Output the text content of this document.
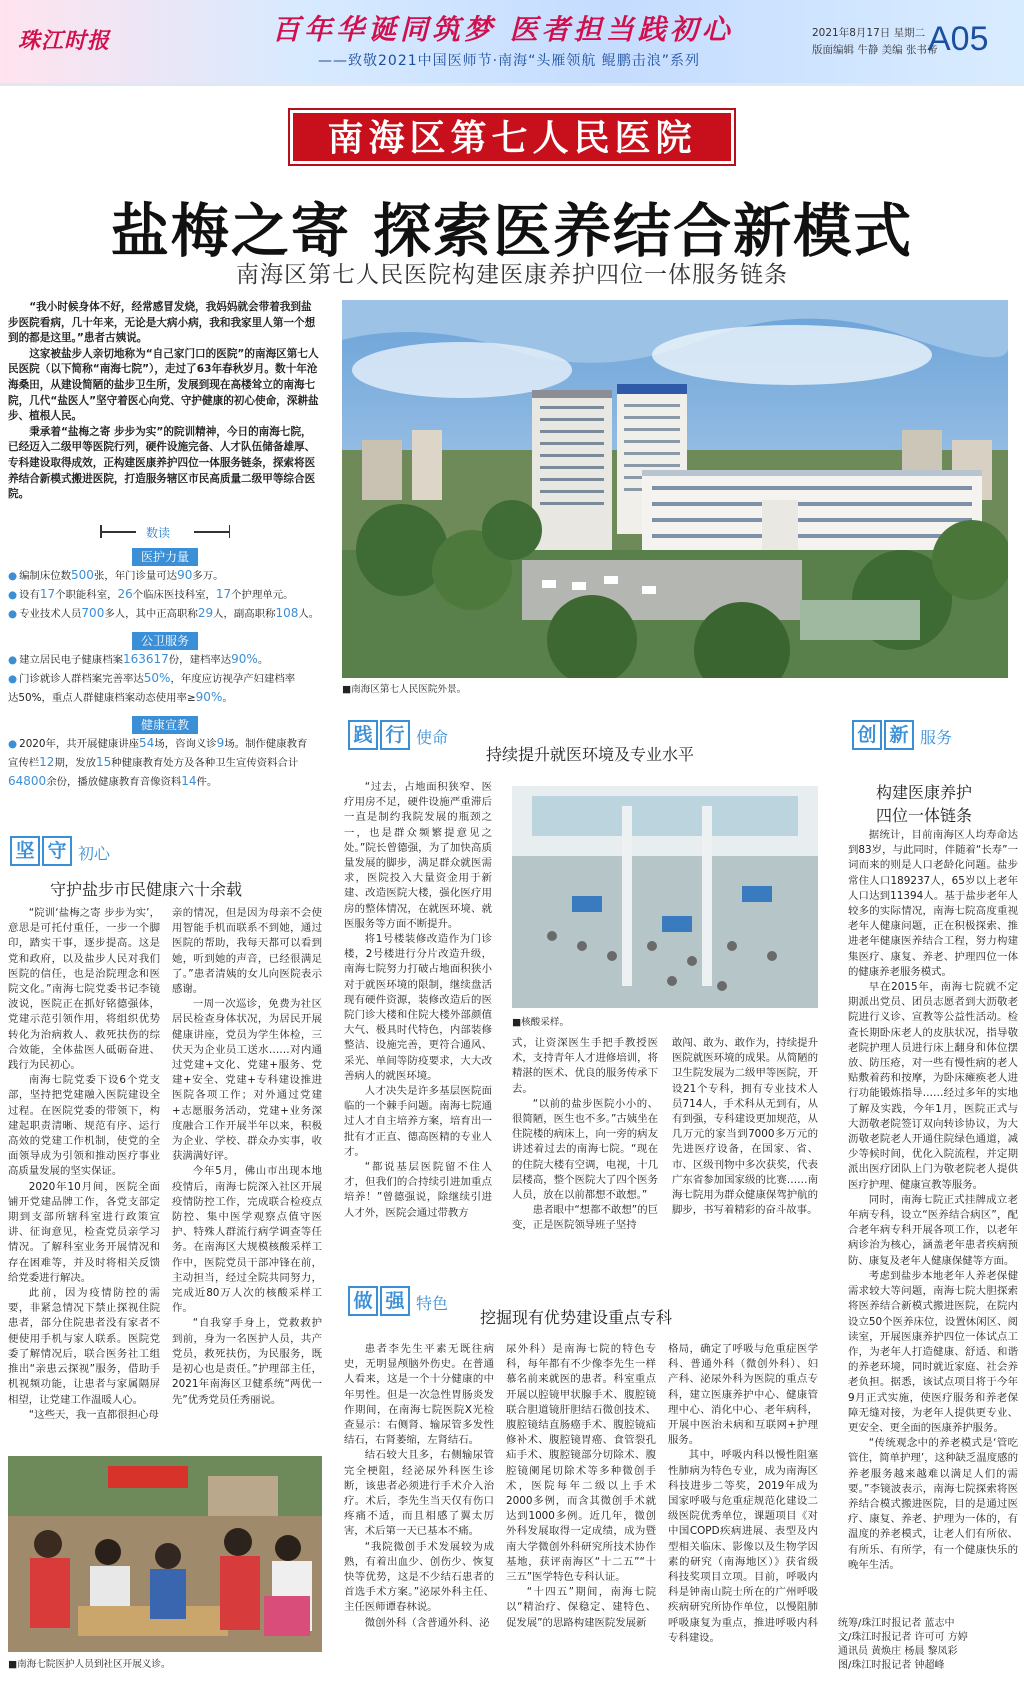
珠江时报	百年华诞同筑梦 医者担当践初心
——致敬2021中国医师节·南海“头雁领航 鲲鹏击浪”系列
2021年8月17日 星期二
版面编辑 牛静 美编 张书帝
A05
南海区第七人民医院
盐梅之寄 探索医养结合新模式
南海区第七人民医院构建医康养护四位一体服务链条

“我小时候身体不好，经常感冒发烧，我妈妈就会带着我到盐步医院看病，几十年来，无论是大病小病，我和我家里人第一个想到的都是这里。”患者古姨说。

这家被盐步人亲切地称为“自己家门口的医院”的南海区第七人民医院（以下简称“南海七院”），走过了63年春秋岁月。数十年沧海桑田，从建设简陋的盐步卫生所，发展到现在高楼耸立的南海七院，几代“盐医人”坚守着医心向党、守护健康的初心使命，深耕盐步、植根人民。

秉承着“盐梅之寄 步步为实”的院训精神，今日的南海七院，已经迈入二级甲等医院行列，硬件设施完备、人才队伍储备雄厚、专科建设取得成效，正构建医康养护四位一体服务链条，探索将医养结合新模式搬进医院，打造服务辖区市民高质量二级甲等综合医院。

数读
医护力量
● 编制床位数500张，年门诊量可达90多万。
● 设有17个职能科室，26个临床医技科室，17个护理单元。
● 专业技术人员700多人，其中正高职称29人，副高职称108人。
公卫服务
● 建立居民电子健康档案163617份，建档率达90%。
● 门诊就诊人群档案完善率达50%，年度应访视孕产妇建档率
达50%，重点人群健康档案动态使用率≥90%。
健康宣教
● 2020年，共开展健康讲座54场，咨询义诊9场。制作健康教育
宣传栏12期，发放15种健康教育处方及各种卫生宣传资料合计
64800余份，播放健康教育音像资料14件。
■南海区第七人民医院外景。
坚 守 初心
守护盐步市民健康六十余载

“院训‘盐梅之寄 步步为实’，意思是可托付重任，一步一个脚印，踏实干事，逐步提高。这是党和政府，以及盐步人民对我们医院的信任，也是治院理念和医院文化。”南海七院党委书记李镜波说，医院正在抓好铭德强体，党建示范引领作用，将组织优势转化为治病救人、救死扶伤的综合效能，全体盐医人砥砺奋进、践行为民初心。

南海七院党委下设6个党支部，坚持把党建融入医院建设全过程。在医院党委的带领下，构建起职责清晰、规范有序、运行高效的党建工作机制，使党的全面领导成为引领和推动医疗事业高质量发展的坚实保证。

2020年10月间，医院全面铺开党建品牌工作，各党支部定期到支部所辖科室进行政策宣讲、征询意见，检查党员亲学习情况。了解科室业务开展情况和存在困难等，并及时将相关反馈给党委进行解决。

此前，因为疫情防控的需要，非紧急情况下禁止探视住院患者，部分住院患者没有家者不便使用手机与家人联系。医院党委了解情况后，联合医务社工组推出“亲患云探视”服务，借助手机视频功能，让患者与家属隔屏相望，让党建工作温暖人心。

“这些天，我一直都很担心母

亲的情况，但是因为母亲不会使用智能手机而联系不到她，通过医院的帮助，我每天都可以看到她，听到她的声音，已经很满足了。”患者清姨的女儿向医院表示感谢。

一周一次巡诊，免费为社区居民检查身体状况，为居民开展健康讲座，党员为学生体检，三伏天为企业员工送水……对内通过党建+文化、党建+服务、党建+安全、党建+专科建设推进医院各项工作；对外通过党建+志愿服务活动，党建+业务深度融合工作开展半年以来，积极为企业、学校、群众办实事，收获满满好评。

今年5月，佛山市出现本地疫情后，南海七院深入社区开展疫情防控工作，完成联合检疫点防控、集中医学观察点值守医护、特殊人群流行病学调查等任务。在南海区大规模核酸采样工作中，医院党员干部冲锋在前，主动担当，经过全院共同努力，完成近80万人次的核酸采样工作。

“自我穿手身上，党救救护到前，身为一名医护人员，共产党员，救死扶伤，为民服务，既是初心也是责任。”护理部主任，2021年南海区卫健系统“两优一先”优秀党员任秀丽说。

■南海七院医护人员到社区开展义诊。
践 行 使命
持续提升就医环境及专业水平

“过去，占地面积狭窄、医疗用房不足，硬件设施严重滞后一直是制约我院发展的瓶颈之一，也是群众频繁提意见之处。”院长曾德强，为了加快高质量发展的脚步，满足群众就医需求，医院投入大量资金用于新建、改造医院大楼，强化医疗用房的整体情况，在就医环境、就医服务等方面不断提升。

将1号楼装修改造作为门诊楼，2号楼进行分片改造升级，南海七院努力打破占地面积狭小对于就医环境的限制，继续盘活现有硬件资源，装修改造后的医院门诊大楼和住院大楼外部颜值大气、极具时代特色，内部装修整洁、设施完善，更符合通风、采光、单间等防疫要求，大大改善病人的就医环境。

人才决失是许多基层医院面临的一个棘手问题。南海七院通过人才自主培养方案，培育出一批有才正直、德高医精的专业人才。

“都说基层医院留不住人才，但我们的合持续引进加重点培养！”曾德强说，除继续引进人才外，医院会通过带教方

■核酸采样。

式，让资深医生手把手教授医术，支持青年人才进修培训，将精湛的医术、优良的服务传承下去。

“以前的盐步医院小小的、很简陋，医生也不多。”古姨坐在住院楼的病床上，向一旁的病友讲述着过去的南海七院。“现在的住院大楼有空调，电视，十几层楼高，整个医院大了四个医务人员，放在以前都想不敢想。”

患者眼中“想都不敢想”的巨变，正是医院领导班子坚持

敢闯、敢为、敢作为，持续提升医院就医环境的成果。从简陋的卫生院发展为二级甲等医院，开设21个专科，拥有专业技术人员714人，手术科从无到有，从有到强，专科建设更加规范，从几万元的家当到7000多万元的先进医疗设备，在国家、省、市、区级刊物中多次获奖，代表广东省参加国家级的比赛……南海七院用为群众健康保驾护航的脚步，书写着精彩的奋斗故事。

创 新 服务
构建医康养护
四位一体链条

据统计，目前南海区人均寿命达到83岁，与此同时，伴随着“长寿”一词而来的则是人口老龄化问题。盐步常住人口189237人，65岁以上老年人口达到11394人。基于盐步老年人较多的实际情况，南海七院高度重视老年人健康问题，正在积极探索、推进老年健康医养结合工程，努力构建集医疗、康复、养老、护理四位一体的健康养老服务模式。

早在2015年，南海七院就不定期派出党员、团员志愿者到大沥敬老院进行义诊、宣教等公益性活动。检查长期卧床老人的皮肤状况，指导敬老院护理人员进行床上翻身和体位摆放、防压疮，对一些有慢性病的老人贴敷着药和按摩，为卧床瘫痪老人进行功能锻炼指导……经过多年的实地了解及实践，今年1月，医院正式与大沥敬老院签订双向转诊协议，为大沥敬老院老人开通住院绿色通道，减少等候时间，优化入院流程，并定期派出医疗团队上门为敬老院老人提供医疗护理、健康宣教等服务。

同时，南海七院正式挂牌成立老年病专科，设立“医养结合病区”，配合老年病专科开展各项工作，以老年病诊治为核心，涵盖老年患者疾病预防、康复及老年人健康保健等方面。

考虑到盐步本地老年人养老保健需求较大等问题，南海七院大胆探索将医养结合新模式搬进医院，在院内设立50个医养床位，设置休闲区、阅读室，开展医康养护四位一体试点工作，为老年人打造健康、舒适、和谐的养老环境，同时就近家庭、社会养老负担。据悉，该试点项目将于今年9月正式实施，使医疗服务和养老保障无缝对接，为老年人提供更专业、更安全、更全面的医康养护服务。

“传统观念中的养老模式是‘管吃管住，简单护理’，这种缺乏温度感的养老服务越来越难以满足人们的需要。”李镜波表示，南海七院探索将医养结合模式搬进医院，目的是通过医疗、康复、养老、护理为一体的，有温度的养老模式，让老人们有所依、有所乐、有所学，有一个健康快乐的晚年生活。

做 强 特色
挖掘现有优势建设重点专科

患者李先生平素无既往病史，无明显颅脑外伤史。在普通人看来，这是一个十分健康的中年男性。但是一次急性胃肠炎发作期间，在南海七院医院X光检查显示：右侧肾、输尿管多发性结石，右肾萎缩，左肾结石。

结石较大且多，右侧输尿管完全梗阻，经泌尿外科医生诊断，该患者必须进行手术介入治疗。术后，李先生当天仅有伤口疼痛不适，而且相感了翼太厉害，术后第一天已基本不痛。

“我院微创手术发展较为成熟，有着出血少、创伤少、恢复快等优势，这是不少结石患者的首选手术方案。”泌尿外科主任、主任医师谭春林说。

微创外科（含普通外科、泌

尿外科）是南海七院的特色专科，每年都有不少像李先生一样慕名前来就医的患者。科室重点开展以腔镜甲状腺手术、腹腔镜联合胆道镜肝胆结石微创技术、腹腔镜结直肠癌手术、腹腔镜疝修补术、腹腔镜胃癌、食管裂孔疝手术、腹腔镜部分切除术、腹腔镜阑尾切除术等多种微创手术，医院每年二级以上手术2000多例，而含其微创手术就达到1000多例。近几年，微创外科发展取得一定成绩，成为暨南大学微创外科研究所技术协作基地，获评南海区“十二五”“十三五”医学特色专科认证。

“十四五”期间，南海七院以“精治疗、保稳定、建特色、促发展”的思路构建医院发展新

格局，确定了呼吸与危重症医学科、普通外科（微创外科）、妇产科、泌尿外科为医院的重点专科，建立医康养护中心、健康管理中心、消化中心、老年病科，开展中医治未病和互联网+护理服务。

其中，呼吸内科以慢性阻塞性肺病为特色专业，成为南海区科技进步二等奖，2019年成为国家呼吸与危重症规范化建设二级医院优秀单位，课题项目《对中国COPD疾病进展、表型及内型相关临床、影像以及生物学因素的研究（南海地区）》获省级科技奖项目立项。目前，呼吸内科是钟南山院士所在的广州呼吸疾病研究所协作单位，以慢阻肺呼吸康复为重点，推进呼吸内科专科建设。

统筹/珠江时报记者 蓝志中
文/珠江时报记者 许可可 方婷
通讯员 黄焕庄 杨晨 黎凤彩
图/珠江时报记者 钟超峰
